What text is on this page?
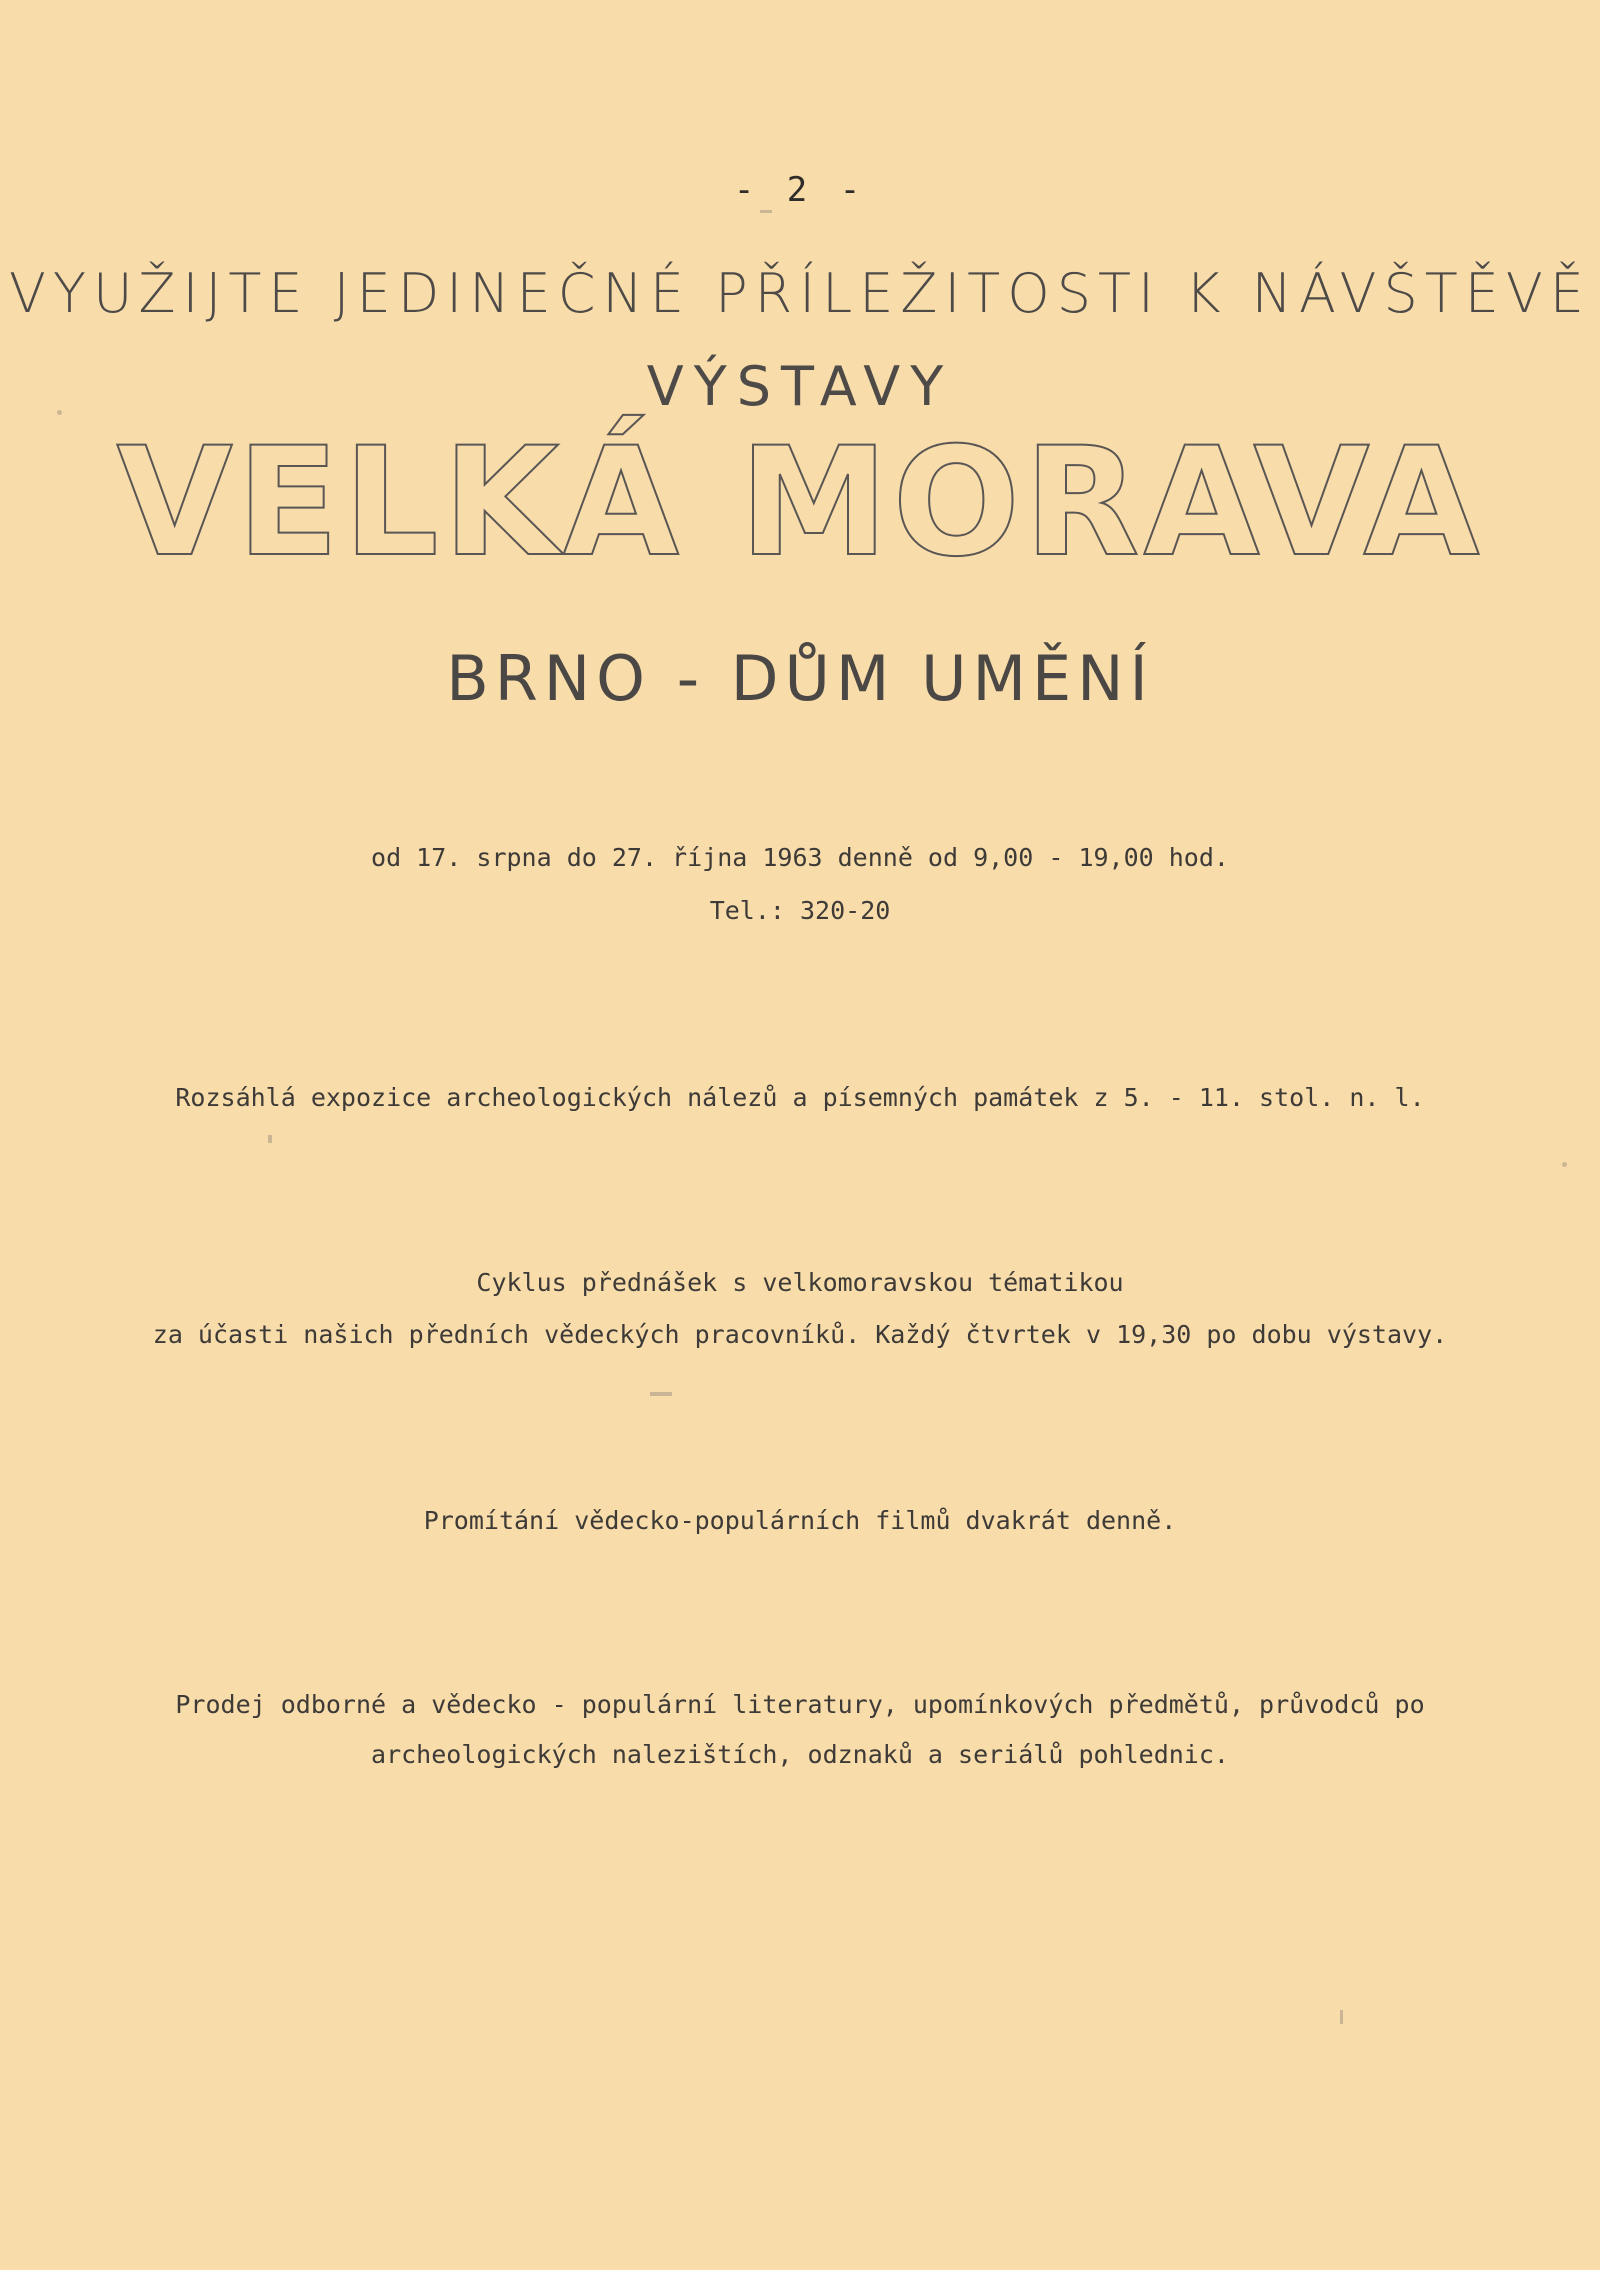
- 2 -
VYUŽIJTE JEDINEČNÉ PŘÍLEŽITOSTI K NÁVŠTĚVĚ
VÝSTAVY
VELKÁ MORAVA
BRNO - DŮM UMĚNÍ
od 17. srpna do 27. října 1963 denně od 9,00 - 19,00 hod.
Tel.: 320-20
Rozsáhlá expozice archeologických nálezů a písemných památek z 5. - 11. stol. n. l.
Cyklus přednášek s velkomoravskou tématikou
za účasti našich předních vědeckých pracovníků. Každý čtvrtek v 19,30 po dobu výstavy.
Promítání vědecko-populárních filmů dvakrát denně.
Prodej odborné a vědecko - populární literatury, upomínkových předmětů, průvodců po
archeologických nalezištích, odznaků a seriálů pohlednic.
